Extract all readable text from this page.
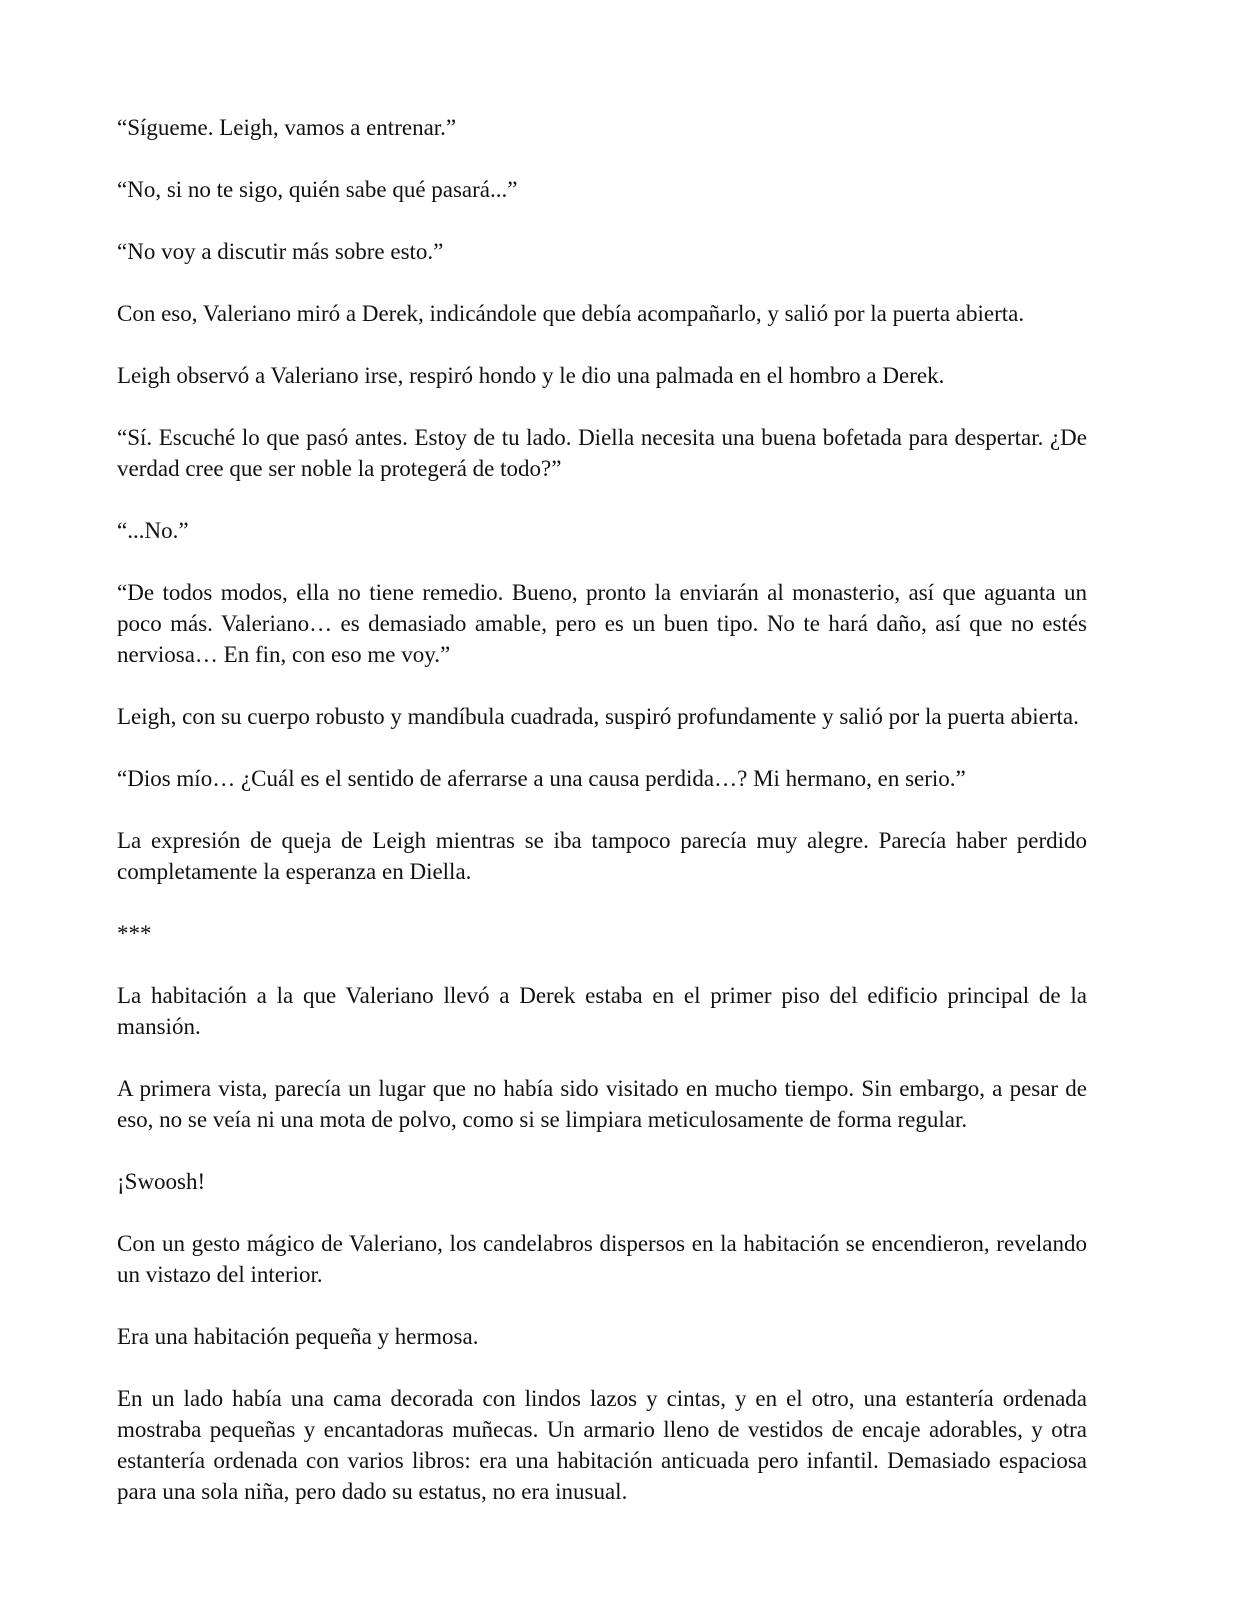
“Sígueme. Leigh, vamos a entrenar.”

“No, si no te sigo, quién sabe qué pasará...”

“No voy a discutir más sobre esto.”

Con eso, Valeriano miró a Derek, indicándole que debía acompañarlo, y salió por la puerta abierta.

Leigh observó a Valeriano irse, respiró hondo y le dio una palmada en el hombro a Derek.

“Sí. Escuché lo que pasó antes. Estoy de tu lado. Diella necesita una buena bofetada para despertar. ¿De verdad cree que ser noble la protegerá de todo?”

“...No.”

“De todos modos, ella no tiene remedio. Bueno, pronto la enviarán al monasterio, así que aguanta un poco más. Valeriano… es demasiado amable, pero es un buen tipo. No te hará daño, así que no estés nerviosa… En fin, con eso me voy.”

Leigh, con su cuerpo robusto y mandíbula cuadrada, suspiró profundamente y salió por la puerta abierta.

“Dios mío… ¿Cuál es el sentido de aferrarse a una causa perdida…? Mi hermano, en serio.”

La expresión de queja de Leigh mientras se iba tampoco parecía muy alegre. Parecía haber perdido completamente la esperanza en Diella.

***

La habitación a la que Valeriano llevó a Derek estaba en el primer piso del edificio principal de la mansión.

A primera vista, parecía un lugar que no había sido visitado en mucho tiempo. Sin embargo, a pesar de eso, no se veía ni una mota de polvo, como si se limpiara meticulosamente de forma regular.

¡Swoosh!

Con un gesto mágico de Valeriano, los candelabros dispersos en la habitación se encendieron, revelando un vistazo del interior.

Era una habitación pequeña y hermosa.

En un lado había una cama decorada con lindos lazos y cintas, y en el otro, una estantería ordenada mostraba pequeñas y encantadoras muñecas. Un armario lleno de vestidos de encaje adorables, y otra estantería ordenada con varios libros: era una habitación anticuada pero infantil. Demasiado espaciosa para una sola niña, pero dado su estatus, no era inusual.
